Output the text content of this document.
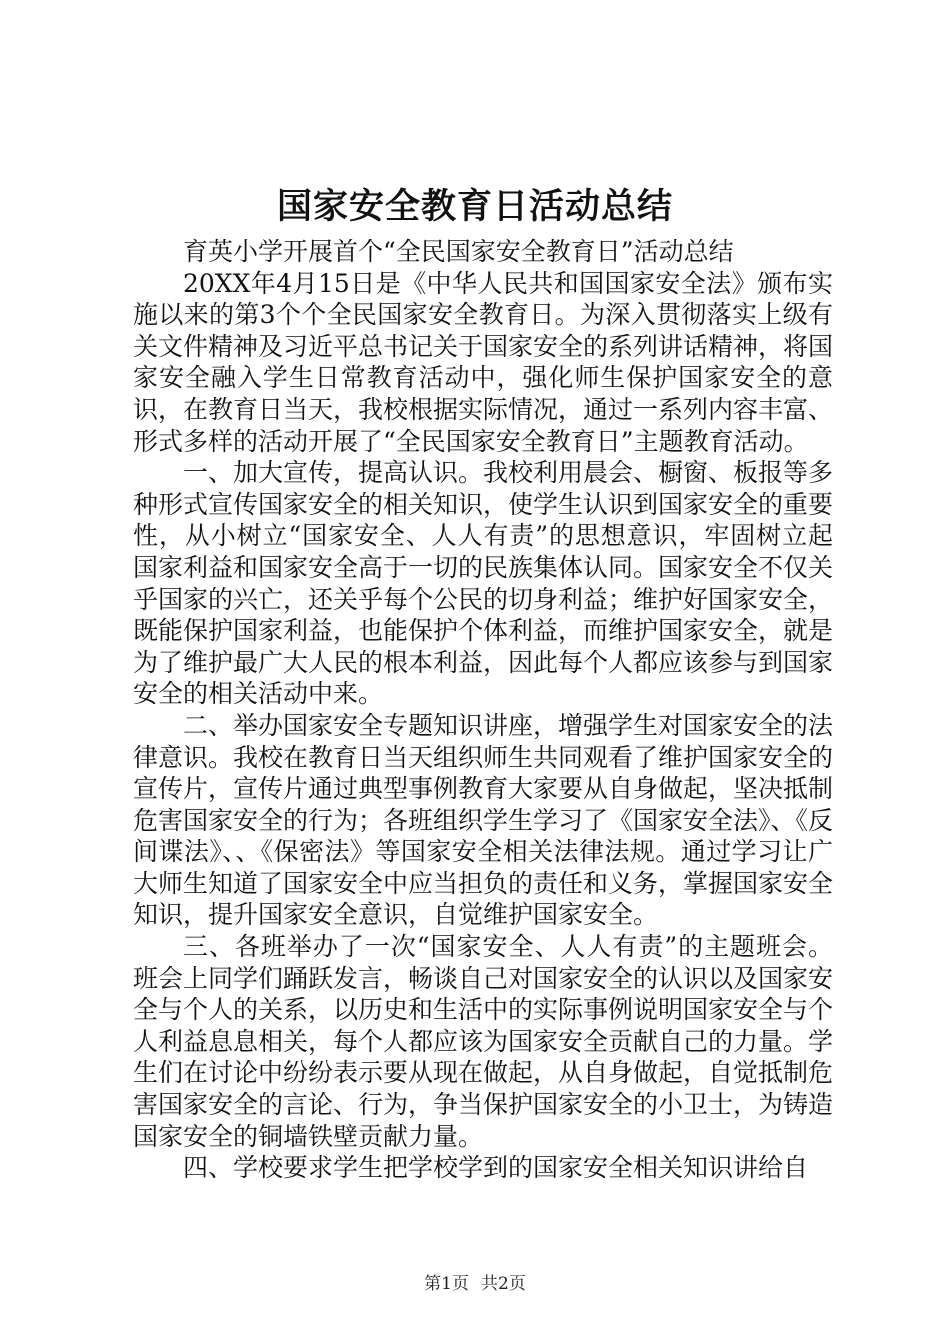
国家安全教育日活动总结

育英小学开展首个“全民国家安全教育日”活动总结

20XX年4月15日是《中华人民共和国国家安全法》颁布实施以来的第3个个全民国家安全教育日。为深入贯彻落实上级有关文件精神及习近平总书记关于国家安全的系列讲话精神，将国家安全融入学生日常教育活动中，强化师生保护国家安全的意识，在教育日当天，我校根据实际情况，通过一系列内容丰富、形式多样的活动开展了“全民国家安全教育日”主题教育活动。

一、加大宣传，提高认识。我校利用晨会、橱窗、板报等多种形式宣传国家安全的相关知识，使学生认识到国家安全的重要性，从小树立“国家安全、人人有责”的思想意识，牢固树立起国家利益和国家安全高于一切的民族集体认同。国家安全不仅关乎国家的兴亡，还关乎每个公民的切身利益；维护好国家安全，既能保护国家利益，也能保护个体利益，而维护国家安全，就是为了维护最广大人民的根本利益，因此每个人都应该参与到国家安全的相关活动中来。

二、举办国家安全专题知识讲座，增强学生对国家安全的法律意识。我校在教育日当天组织师生共同观看了维护国家安全的宣传片，宣传片通过典型事例教育大家要从自身做起，坚决抵制危害国家安全的行为；各班组织学生学习了《国家安全法》、《反间谍法》、、《保密法》等国家安全相关法律法规。通过学习让广大师生知道了国家安全中应当担负的责任和义务，掌握国家安全知识，提升国家安全意识，自觉维护国家安全。

三、各班举办了一次“国家安全、人人有责”的主题班会。班会上同学们踊跃发言，畅谈自己对国家安全的认识以及国家安全与个人的关系，以历史和生活中的实际事例说明国家安全与个人利益息息相关，每个人都应该为国家安全贡献自己的力量。学生们在讨论中纷纷表示要从现在做起，从自身做起，自觉抵制危害国家安全的言论、行为，争当保护国家安全的小卫士，为铸造国家安全的铜墙铁壁贡献力量。

四、学校要求学生把学校学到的国家安全相关知识讲给自

第1页 共2页
